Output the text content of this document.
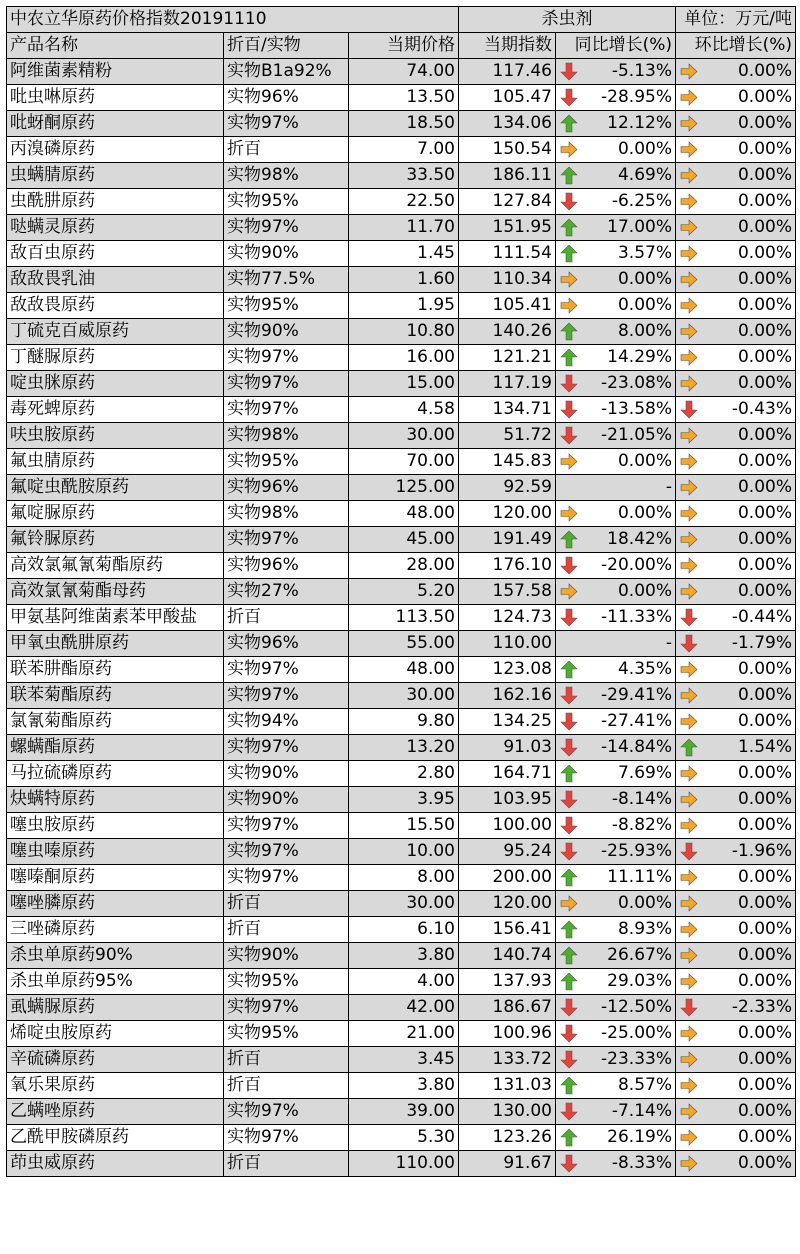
中农立华原药价格指数20191110			杀虫剂		单位：万元/吨
产品名称	折百/实物	当期价格	当期指数	同比增长(%)	环比增长(%)
阿维菌素精粉	实物B1a92%	74.00	117.46	-5.13%	0.00%
吡虫啉原药	实物96%	13.50	105.47	-28.95%	0.00%
吡蚜酮原药	实物97%	18.50	134.06	12.12%	0.00%
丙溴磷原药	折百	7.00	150.54	0.00%	0.00%
虫螨腈原药	实物98%	33.50	186.11	4.69%	0.00%
虫酰肼原药	实物95%	22.50	127.84	-6.25%	0.00%
哒螨灵原药	实物97%	11.70	151.95	17.00%	0.00%
敌百虫原药	实物90%	1.45	111.54	3.57%	0.00%
敌敌畏乳油	实物77.5%	1.60	110.34	0.00%	0.00%
敌敌畏原药	实物95%	1.95	105.41	0.00%	0.00%
丁硫克百威原药	实物90%	10.80	140.26	8.00%	0.00%
丁醚脲原药	实物97%	16.00	121.21	14.29%	0.00%
啶虫脒原药	实物97%	15.00	117.19	-23.08%	0.00%
毒死蜱原药	实物97%	4.58	134.71	-13.58%	-0.43%
呋虫胺原药	实物98%	30.00	51.72	-21.05%	0.00%
氟虫腈原药	实物95%	70.00	145.83	0.00%	0.00%
氟啶虫酰胺原药	实物96%	125.00	92.59	-	0.00%
氟啶脲原药	实物98%	48.00	120.00	0.00%	0.00%
氟铃脲原药	实物97%	45.00	191.49	18.42%	0.00%
高效氯氟氰菊酯原药	实物96%	28.00	176.10	-20.00%	0.00%
高效氯氰菊酯母药	实物27%	5.20	157.58	0.00%	0.00%
甲氨基阿维菌素苯甲酸盐	折百	113.50	124.73	-11.33%	-0.44%
甲氧虫酰肼原药	实物96%	55.00	110.00	-	-1.79%
联苯肼酯原药	实物97%	48.00	123.08	4.35%	0.00%
联苯菊酯原药	实物97%	30.00	162.16	-29.41%	0.00%
氯氰菊酯原药	实物94%	9.80	134.25	-27.41%	0.00%
螺螨酯原药	实物97%	13.20	91.03	-14.84%	1.54%
马拉硫磷原药	实物90%	2.80	164.71	7.69%	0.00%
炔螨特原药	实物90%	3.95	103.95	-8.14%	0.00%
噻虫胺原药	实物97%	15.50	100.00	-8.82%	0.00%
噻虫嗪原药	实物97%	10.00	95.24	-25.93%	-1.96%
噻嗪酮原药	实物97%	8.00	200.00	11.11%	0.00%
噻唑膦原药	折百	30.00	120.00	0.00%	0.00%
三唑磷原药	折百	6.10	156.41	8.93%	0.00%
杀虫单原药90%	实物90%	3.80	140.74	26.67%	0.00%
杀虫单原药95%	实物95%	4.00	137.93	29.03%	0.00%
虱螨脲原药	实物97%	42.00	186.67	-12.50%	-2.33%
烯啶虫胺原药	实物95%	21.00	100.96	-25.00%	0.00%
辛硫磷原药	折百	3.45	133.72	-23.33%	0.00%
氧乐果原药	折百	3.80	131.03	8.57%	0.00%
乙螨唑原药	实物97%	39.00	130.00	-7.14%	0.00%
乙酰甲胺磷原药	实物97%	5.30	123.26	26.19%	0.00%
茚虫威原药	折百	110.00	91.67	-8.33%	0.00%
